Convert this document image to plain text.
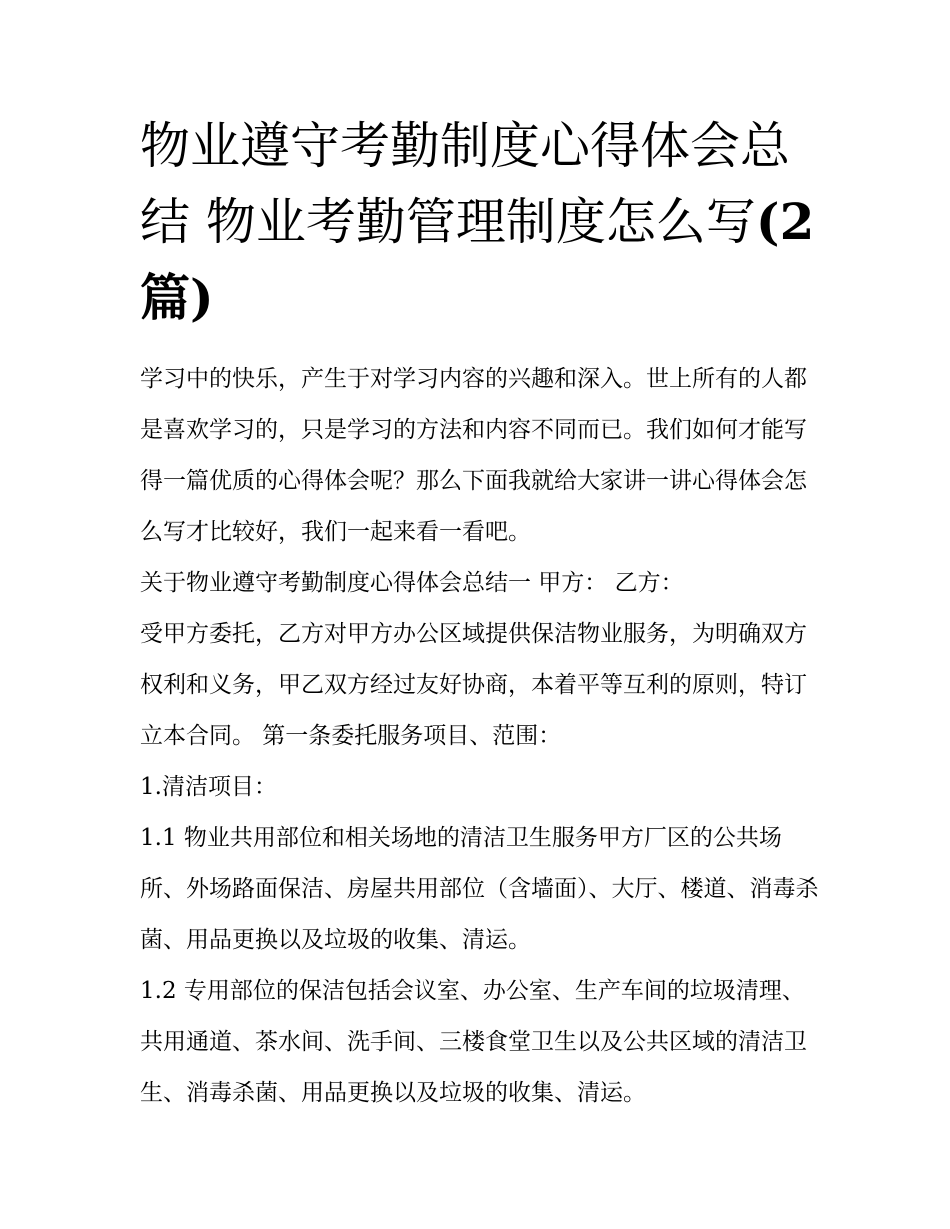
物业遵守考勤制度心得体会总结 物业考勤管理制度怎么写(2篇)

学习中的快乐，产生于对学习内容的兴趣和深入。世上所有的人都是喜欢学习的，只是学习的方法和内容不同而已。我们如何才能写得一篇优质的心得体会呢？那么下面我就给大家讲一讲心得体会怎么写才比较好，我们一起来看一看吧。

关于物业遵守考勤制度心得体会总结一 甲方： 乙方：

受甲方委托，乙方对甲方办公区域提供保洁物业服务，为明确双方权利和义务，甲乙双方经过友好协商，本着平等互利的原则，特订立本合同。 第一条委托服务项目、范围：

1.清洁项目：

1.1 物业共用部位和相关场地的清洁卫生服务甲方厂区的公共场所、外场路面保洁、房屋共用部位（含墙面）、大厅、楼道、消毒杀菌、用品更换以及垃圾的收集、清运。

1.2 专用部位的保洁包括会议室、办公室、生产车间的垃圾清理、共用通道、茶水间、洗手间、三楼食堂卫生以及公共区域的清洁卫生、消毒杀菌、用品更换以及垃圾的收集、清运。
